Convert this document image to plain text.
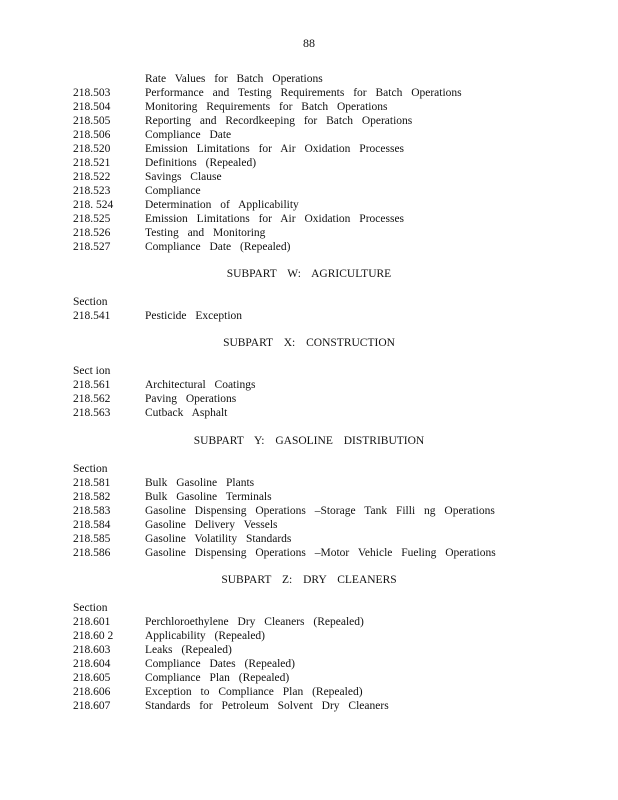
88
Rate Values for Batch Operations
218.503	Performance and Testing Requirements for Batch Operations
218.504	Monitoring Requirements for Batch Operations
218.505	Reporting and Recordkeeping for Batch Operations
218.506	Compliance Date
218.520	Emission Limitations for Air Oxidation Processes
218.521	Definitions (Repealed)
218.522	Savings Clause
218.523	Compliance
218. 524	Determination of Applicability
218.525	Emission Limitations for Air Oxidation Processes
218.526	Testing and Monitoring
218.527	Compliance Date (Repealed)
SUBPART W: AGRICULTURE
Section
218.541	Pesticide Exception
SUBPART X: CONSTRUCTION
Sect ion
218.561	Architectural Coatings
218.562	Paving Operations
218.563	Cutback Asphalt
SUBPART Y: GASOLINE DISTRIBUTION
Section
218.581	Bulk Gasoline Plants
218.582	Bulk Gasoline Terminals
218.583	Gasoline Dispensing Operations –Storage Tank Filli ng Operations
218.584	Gasoline Delivery Vessels
218.585	Gasoline Volatility Standards
218.586	Gasoline Dispensing Operations –Motor Vehicle Fueling Operations
SUBPART Z: DRY CLEANERS
Section
218.601	Perchloroethylene Dry Cleaners (Repealed)
218.60 2	Applicability (Repealed)
218.603	Leaks (Repealed)
218.604	Compliance Dates (Repealed)
218.605	Compliance Plan (Repealed)
218.606	Exception to Compliance Plan (Repealed)
218.607	Standards for Petroleum Solvent Dry Cleaners
